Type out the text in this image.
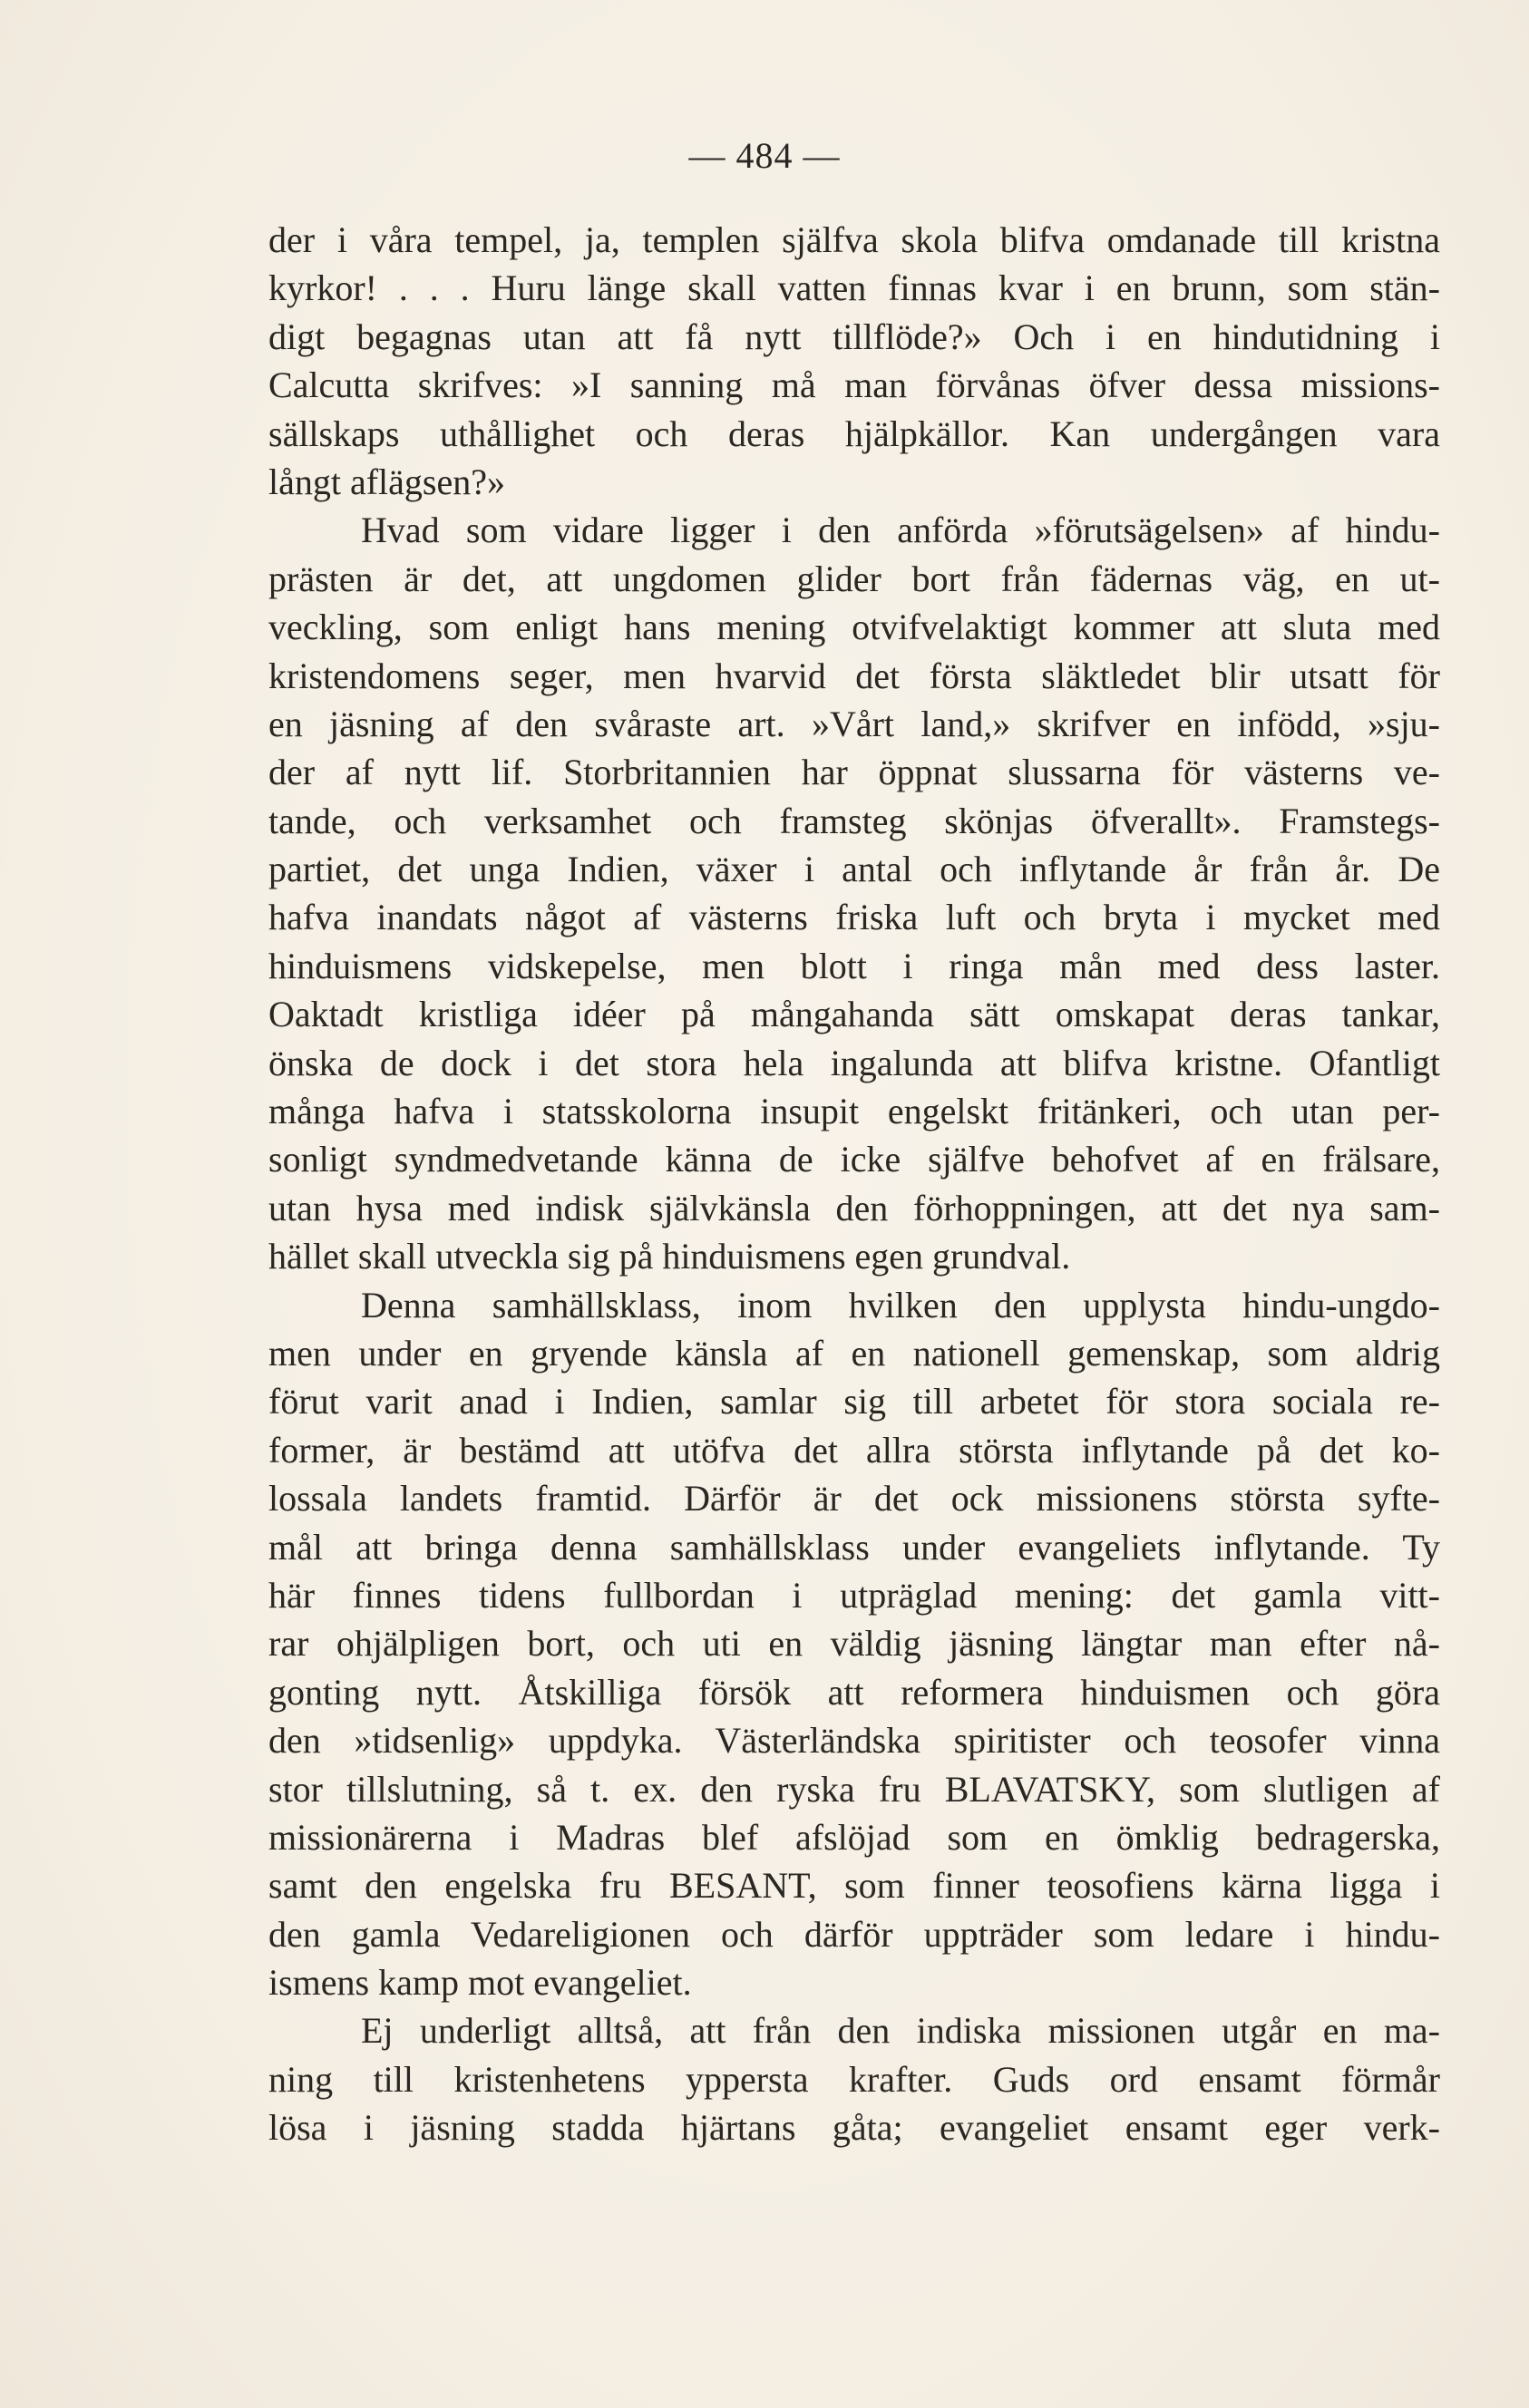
— 484 —
der i våra tempel, ja, templen själfva skola blifva omdanade till kristna
kyrkor! . . . Huru länge skall vatten finnas kvar i en brunn, som stän-
digt begagnas utan att få nytt tillflöde?» Och i en hindutidning i
Calcutta skrifves: »I sanning må man förvånas öfver dessa missions-
sällskaps uthållighet och deras hjälpkällor. Kan undergången vara
långt aflägsen?»
Hvad som vidare ligger i den anförda »förutsägelsen» af hindu-
prästen är det, att ungdomen glider bort från fädernas väg, en ut-
veckling, som enligt hans mening otvifvelaktigt kommer att sluta med
kristendomens seger, men hvarvid det första släktledet blir utsatt för
en jäsning af den svåraste art. »Vårt land,» skrifver en infödd, »sju-
der af nytt lif. Storbritannien har öppnat slussarna för västerns ve-
tande, och verksamhet och framsteg skönjas öfverallt». Framstegs-
partiet, det unga Indien, växer i antal och inflytande år från år. De
hafva inandats något af västerns friska luft och bryta i mycket med
hinduismens vidskepelse, men blott i ringa mån med dess laster.
Oaktadt kristliga idéer på mångahanda sätt omskapat deras tankar,
önska de dock i det stora hela ingalunda att blifva kristne. Ofantligt
många hafva i statsskolorna insupit engelskt fritänkeri, och utan per-
sonligt syndmedvetande känna de icke själfve behofvet af en frälsare,
utan hysa med indisk självkänsla den förhoppningen, att det nya sam-
hället skall utveckla sig på hinduismens egen grundval.
Denna samhällsklass, inom hvilken den upplysta hindu-ungdo-
men under en gryende känsla af en nationell gemenskap, som aldrig
förut varit anad i Indien, samlar sig till arbetet för stora sociala re-
former, är bestämd att utöfva det allra största inflytande på det ko-
lossala landets framtid. Därför är det ock missionens största syfte-
mål att bringa denna samhällsklass under evangeliets inflytande. Ty
här finnes tidens fullbordan i utpräglad mening: det gamla vitt-
rar ohjälpligen bort, och uti en väldig jäsning längtar man efter nå-
gonting nytt. Åtskilliga försök att reformera hinduismen och göra
den »tidsenlig» uppdyka. Västerländska spiritister och teosofer vinna
stor tillslutning, så t. ex. den ryska fru BLAVATSKY, som slutligen af
missionärerna i Madras blef afslöjad som en ömklig bedragerska,
samt den engelska fru BESANT, som finner teosofiens kärna ligga i
den gamla Vedareligionen och därför uppträder som ledare i hindu-
ismens kamp mot evangeliet.
Ej underligt alltså, att från den indiska missionen utgår en ma-
ning till kristenhetens yppersta krafter. Guds ord ensamt förmår
lösa i jäsning stadda hjärtans gåta; evangeliet ensamt eger verk-
